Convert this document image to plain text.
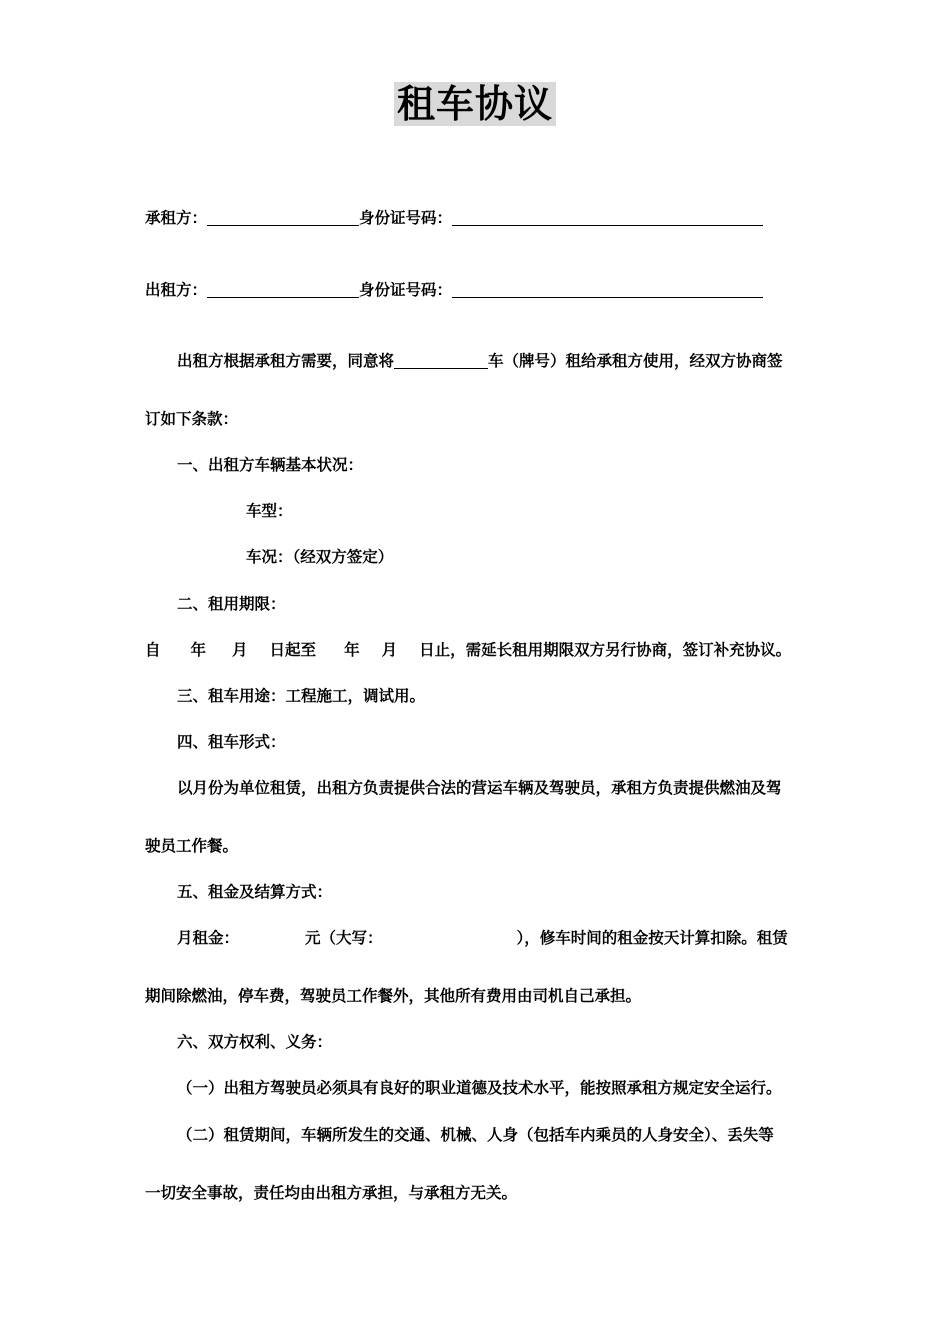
租车协议
承租方：	身份证号码：
出租方：	身份证号码：
出租方根据承租方需要，同意将	车（牌号）租给承租方使用，经双方协商签
订如下条款：
一、出租方车辆基本状况：
车型：
车况：（经双方签定）
二、租用期限：
自 年 月 日起至 年 月 日止，需延长租用期限双方另行协商，签订补充协议。
三、租车用途：工程施工，调试用。
四、租车形式：
以月份为单位租赁，出租方负责提供合法的营运车辆及驾驶员，承租方负责提供燃油及驾
驶员工作餐。
五、租金及结算方式：
月租金：	元（大写：	），修车时间的租金按天计算扣除。租赁
期间除燃油，停车费，驾驶员工作餐外，其他所有费用由司机自己承担。
六、双方权利、义务：
（一）出租方驾驶员必须具有良好的职业道德及技术水平，能按照承租方规定安全运行。
（二）租赁期间，车辆所发生的交通、机械、人身（包括车内乘员的人身安全）、丢失等
一切安全事故，责任均由出租方承担，与承租方无关。
